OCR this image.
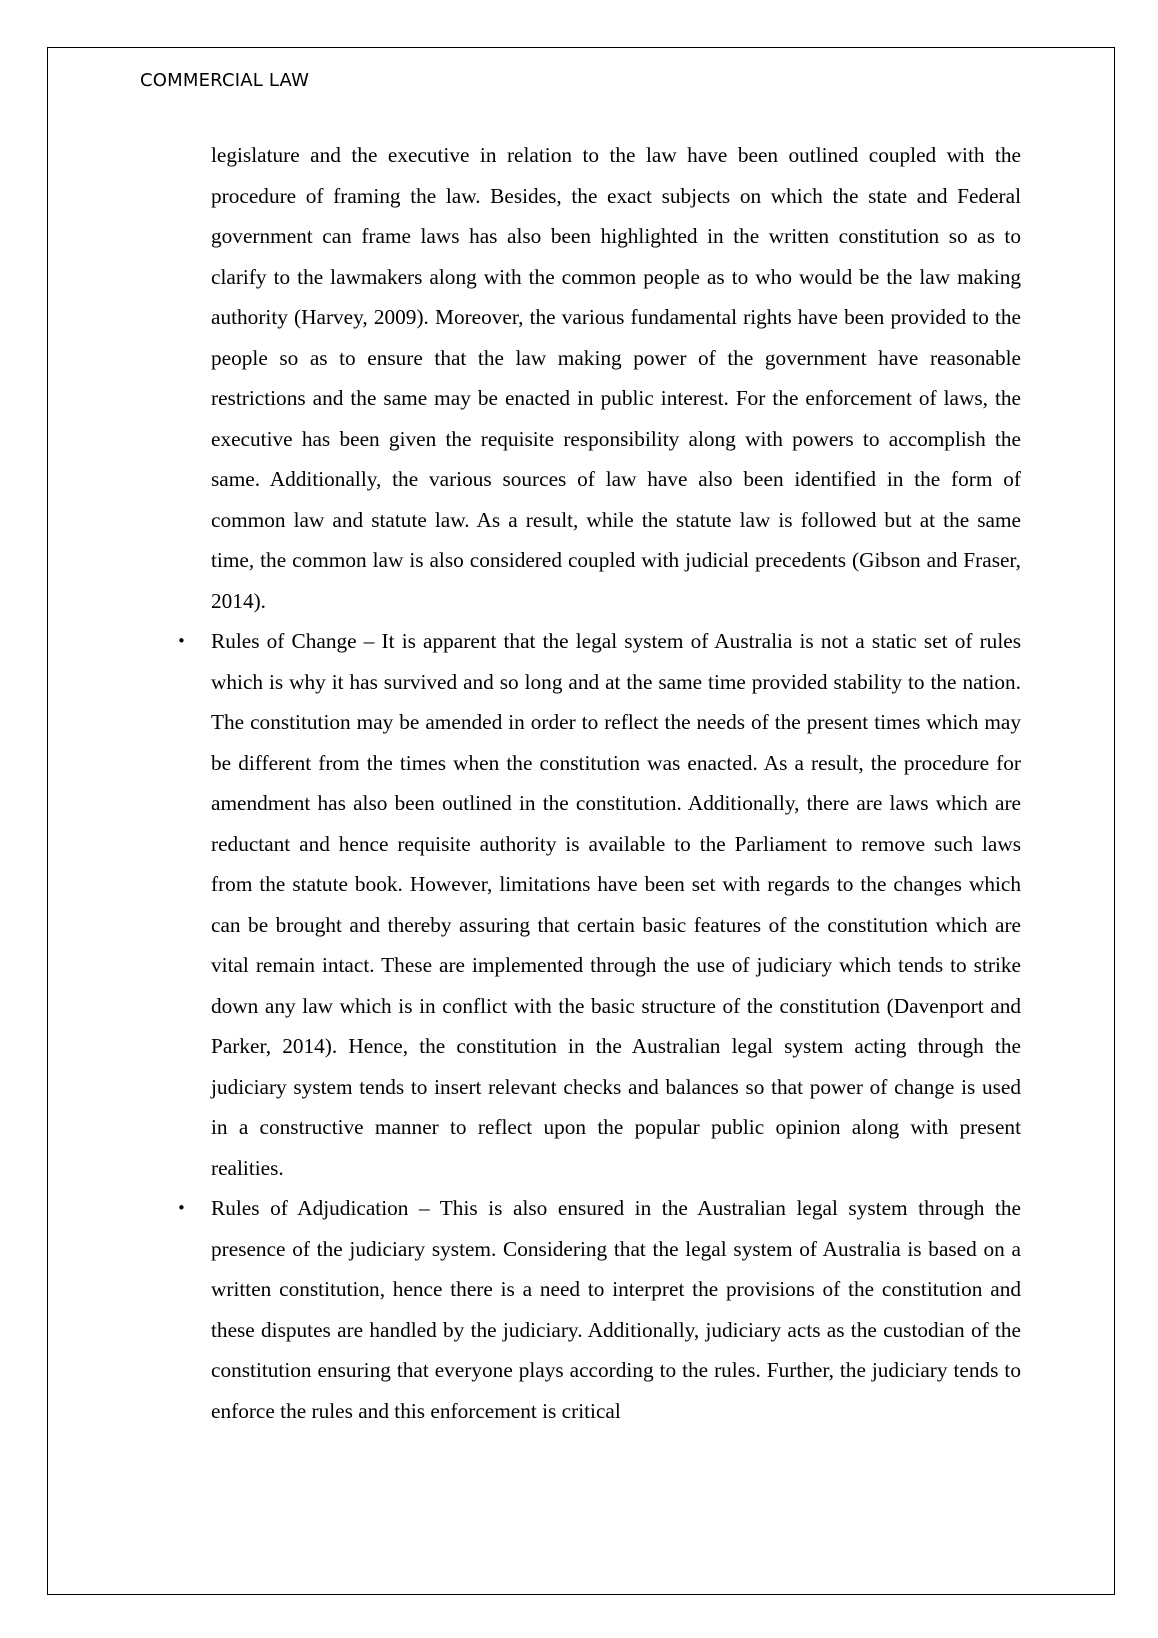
COMMERCIAL LAW

legislature and the executive in relation to the law have been outlined coupled with the procedure of framing the law. Besides, the exact subjects on which the state and Federal government can frame laws has also been highlighted in the written constitution so as to clarify to the lawmakers along with the common people as to who would be the law making authority (Harvey, 2009). Moreover, the various fundamental rights have been provided to the people so as to ensure that the law making power of the government have reasonable restrictions and the same may be enacted in public interest. For the enforcement of laws, the executive has been given the requisite responsibility along with powers to accomplish the same. Additionally, the various sources of law have also been identified in the form of common law and statute law. As a result, while the statute law is followed but at the same time, the common law is also considered coupled with judicial precedents (Gibson and Fraser, 2014).

• Rules of Change – It is apparent that the legal system of Australia is not a static set of rules which is why it has survived and so long and at the same time provided stability to the nation. The constitution may be amended in order to reflect the needs of the present times which may be different from the times when the constitution was enacted. As a result, the procedure for amendment has also been outlined in the constitution. Additionally, there are laws which are reductant and hence requisite authority is available to the Parliament to remove such laws from the statute book. However, limitations have been set with regards to the changes which can be brought and thereby assuring that certain basic features of the constitution which are vital remain intact. These are implemented through the use of judiciary which tends to strike down any law which is in conflict with the basic structure of the constitution (Davenport and Parker, 2014). Hence, the constitution in the Australian legal system acting through the judiciary system tends to insert relevant checks and balances so that power of change is used in a constructive manner to reflect upon the popular public opinion along with present realities.

• Rules of Adjudication – This is also ensured in the Australian legal system through the presence of the judiciary system. Considering that the legal system of Australia is based on a written constitution, hence there is a need to interpret the provisions of the constitution and these disputes are handled by the judiciary. Additionally, judiciary acts as the custodian of the constitution ensuring that everyone plays according to the rules. Further, the judiciary tends to enforce the rules and this enforcement is critical
